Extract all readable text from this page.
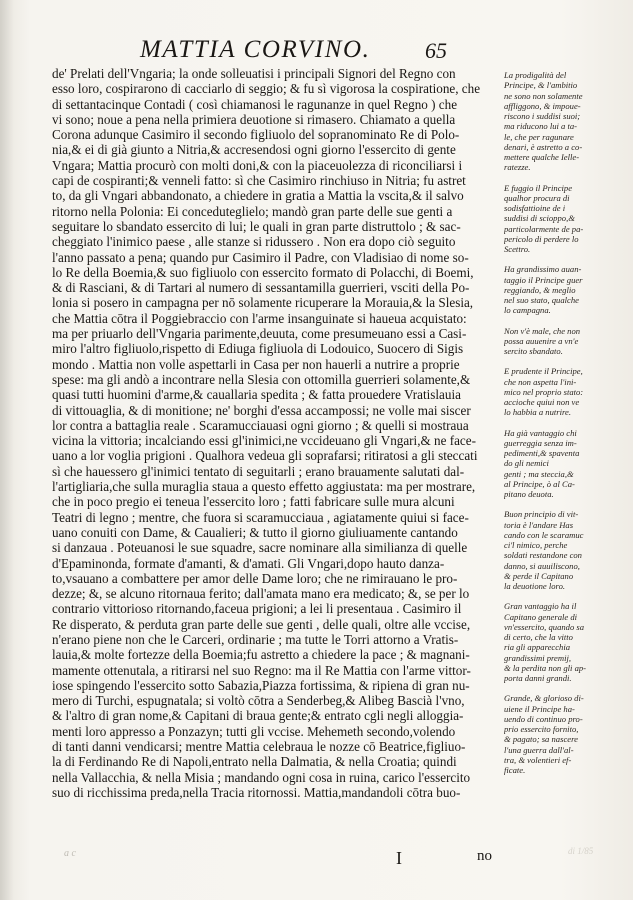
MATTIA CORVINO. 65
de' Prelati dell'Vngaria; la onde solleuatisi i principali Signori del Regno con
esso loro, cospirarono di cacciarlo di seggio; & fu sì vigorosa la cospiratione, che
di settantacinque Contadi ( così chiamanosi le ragunanze in quel Regno ) che
vi sono; noue a pena nella primiera deuotione si rimasero. Chiamato a quella
Corona adunque Casimiro il secondo figliuolo del sopranominato Re di Polo-
nia,& ei di già giunto a Nitria,& accresendosi ogni giorno l'essercito di gente
Vngara; Mattia procurò con molti doni,& con la piaceuolezza di riconciliarsi i
capi de cospiranti;& venneli fatto: sì che Casimiro rinchiuso in Nitria; fu astret
to, da gli Vngari abbandonato, a chiedere in gratia a Mattia la vscita,& il salvo
ritorno nella Polonia: Ei conceduteglielo; mandò gran parte delle sue genti a
seguitare lo sbandato essercito di lui; le quali in gran parte distruttolo ; & sac-
cheggiato l'inimico paese , alle stanze si ridussero . Non era dopo ciò seguito
l'anno passato a pena; quando pur Casimiro il Padre, con Vladisiao di nome so-
lo Re della Boemia,& suo figliuolo con essercito formato di Polacchi, di Boemi,
& di Rasciani, & di Tartari al numero di sessantamilla guerrieri, vsciti della Po-
lonia si posero in campagna per nō solamente ricuperare la Morauia,& la Slesia,
che Mattia cōtra il Poggiebraccio con l'arme insanguinate si haueua acquistato:
ma per priuarlo dell'Vngaria parimente,deuuta, come presumeuano essi a Casi-
miro l'altro figliuolo,rispetto di Ediuga figliuola di Lodouico, Suocero di Sigis
mondo . Mattia non volle aspettarli in Casa per non hauerli a nutrire a proprie
spese: ma gli andò a incontrare nella Slesia con ottomilla guerrieri solamente,&
quasi tutti huomini d'arme,& cauallaria spedita ; & fatta prouedere Vratislauia
di vittouaglia, & di monitione; ne' borghi d'essa accampossi; ne volle mai siscer
lor contra a battaglia reale . Scaramucciauasi ogni giorno ; & quelli si mostraua
vicina la vittoria; incalciando essi gl'inimici,ne vccideuano gli Vngari,& ne face-
uano a lor voglia prigioni . Qualhora vedeua gli soprafarsi; ritiratosi a gli steccati
sì che hauessero gl'inimici tentato di seguitarli ; erano brauamente salutati dal-
l'artigliaria,che sulla muraglia staua a questo effetto aggiustata: ma per mostrare,
che in poco pregio ei teneua l'essercito loro ; fatti fabricare sulle mura alcuni
Teatri di legno ; mentre, che fuora si scaramucciaua , agiatamente quiui si face-
uano conuiti con Dame, & Caualieri; & tutto il giorno giuliuamente cantando
si danzaua . Poteuanosi le sue squadre, sacre nominare alla similianza di quelle
d'Epaminonda, formate d'amanti, & d'amati. Gli Vngari,dopo hauto danza-
to,vsauano a combattere per amor delle Dame loro; che ne rimirauano le pro-
dezze; &, se alcuno ritornaua ferito; dall'amata mano era medicato; &, se per lo
contrario vittorioso ritornando,faceua prigioni; a lei li presentaua . Casimiro il
Re disperato, & perduta gran parte delle sue genti , delle quali, oltre alle vccise,
n'erano piene non che le Carceri, ordinarie ; ma tutte le Torri attorno a Vratis-
lauia,& molte fortezze della Boemia;fu astretto a chiedere la pace ; & magnani-
mamente ottenutala, a ritirarsi nel suo Regno: ma il Re Mattia con l'arme vittor-
iose spingendo l'essercito sotto Sabazia,Piazza fortissima, & ripiena di gran nu-
mero di Turchi, espugnatala; si voltò cōtra a Senderbeg,& Alibeg Bascià l'vno,
& l'altro di gran nome,& Capitani di braua gente;& entrato cgli negli alloggia-
menti loro appresso a Ponzazyn; tutti gli vccise. Mehemeth secondo,volendo
di tanti danni vendicarsi; mentre Mattia celebraua le nozze cō Beatrice,figliuo-
la di Ferdinando Re di Napoli,entrato nella Dalmatia, & nella Croatia; quindi
nella Vallacchia, & nella Misia ; mandando ogni cosa in ruina, carico l'essercito
suo di ricchissima preda,nella Tracia ritornossi. Mattia,mandandoli cōtra buo-
La prodigalità del
Principe, & l'ambitio
ne sono non solamente
affliggono, & impoue-
riscono i suddisi suoi;
ma riducono lui a ta-
le, che per ragunare
denari, è astretto a co-
mettere qualche Ielle-
ratezze.
E fuggio il Principe
qualhor procura di
sodisfattioine de i
suddisi di scioppo,&
particolarmente de pa-
pericolo di perdere lo
Scettro.
Ha grandissimo auan-
taggio il Principe guer
reggiando, & meglio
nel suo stato, qualche
lo campagna.
Non v'è male, che non
possa auuenire a vn'e
sercito sbandato.
E prudente il Principe,
che non aspetta l'ini-
mico nel proprio stato:
accioche quiui non ve
lo habbia a nutrire.
Ha già vantaggio chi
guerreggia senza im-
pedimenti,& spaventa
do gli nemici
genti ; ma steccia,&
al Principe, ò al Ca-
pitano deuota.
Buon principio di vit-
toria è l'andare Has
cando con le scaramuc
ci'l nimico, perche
soldati restandone con
danno, si auuiliscono,
& perde il Capitano
la deuotione loro.
Gran vantaggio ha il
Capitano generale di
vn'essercito, quando sa
di certo, che la vitto
ria gli apparecchia
grandissimi premij,
& la perdita non gli ap-
porta danni grandi.
Grande, & glorioso di-
uiene il Principe ha-
uendo di continuo pro-
prio essercito fornito,
& pagato; sa nascere
l'una guerra dall'al-
tra, & volentieri ef-
ficate.
a c	I	no	di 1/85
